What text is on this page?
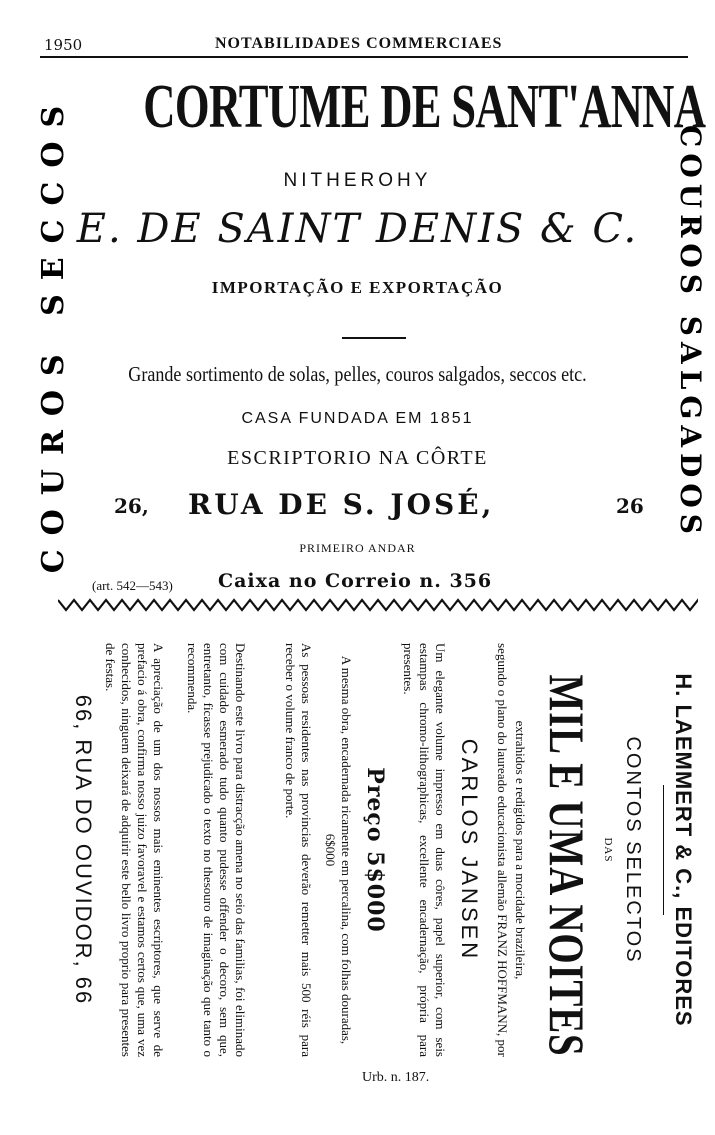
1950	NOTABILIDADES COMMERCIAES
COUROS SECCOS	COUROS SALGADOS
CORTUME DE SANT'ANNA
NITHEROHY
E. DE SAINT DENIS & C.
IMPORTAÇÃO E EXPORTAÇÃO
Grande sortimento de solas, pelles, couros salgados, seccos etc.
CASA FUNDADA EM 1851
ESCRIPTORIO NA CÔRTE
26, RUA DE S. JOSÉ,	26
PRIMEIRO ANDAR
(art. 542—543) Caixa no Correio n. 356
H. LAEMMERT & C., EDITORES
CONTOS SELECTOS
DAS
MIL E UMA NOITES
extrahidos e redigidos para a mocidade brazileira,
segundo o plano do laureado educacionista allemão FRANZ HOFFMANN, por
CARLOS JANSEN
Um elegante volume impresso em duas côres, papel superior, com seis estampas chromo-lithographicas, excellente encadernação, própria para presentes.
Preço 5$000
A mesma obra, encadernada ricamente em percalina, com folhas douradas, 6$000
As pessoas residentes nas provincias deverão remetter mais 500 réis para receber o volume franco de porte.
Destinando este livro para distracção amena no seio das familias, foi eliminado com cuidado esmerado tudo quanto pudesse offender o decoro, sem que, entretanto, ficasse prejudicado o texto no thesouro de imaginação que tanto o recommenda.
A apreciação de um dos nossos mais eminentes escriptores, que serve de prefacio á obra, confirma nosso juizo favoravel e estamos certos que, uma vez conhecidos, ninguem deixará de adquirir este bello livro proprio para presentes de festas.
66, RUA DO OUVIDOR, 66
Urb. n. 187.
